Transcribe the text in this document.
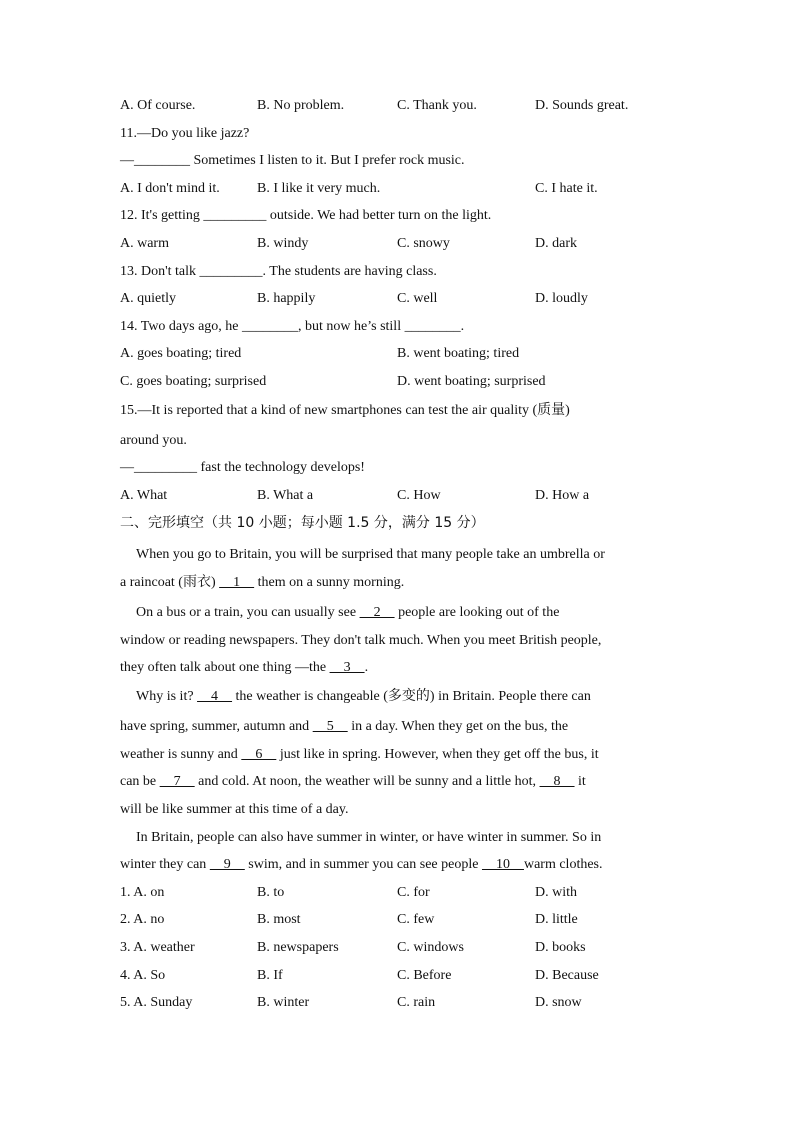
A. Of course.	B. No problem.	C. Thank you.	D. Sounds great.
11.—Do you like jazz?
—________ Sometimes I listen to it. But I prefer rock music.
A. I don't mind it.	B. I like it very much.	C. I hate it.
12. It's getting _________ outside. We had better turn on the light.
A. warm	B. windy	C. snowy	D. dark
13. Don't talk _________. The students are having class.
A. quietly	B. happily	C. well	D. loudly
14. Two days ago, he ________, but now he’s still ________.
A. goes boating; tired	B. went boating; tired
C. goes boating; surprised	D. went boating; surprised
15.—It is reported that a kind of new smartphones can test the air quality (质量)
around you.
—_________ fast the technology develops!
A. What	B. What a	C. How	D. How a
二、完形填空（共 10 小题；每小题 1.5 分，满分 15 分）
When you go to Britain, you will be surprised that many people take an umbrella or
a raincoat (雨衣)     1     them on a sunny morning.
On a bus or a train, you can usually see     2     people are looking out of the
window or reading newspapers. They don't talk much. When you meet British people,
they often talk about one thing —the     3    .
Why is it?     4     the weather is changeable (多变的) in Britain. People there can
have spring, summer, autumn and     5     in a day. When they get on the bus, the
weather is sunny and     6     just like in spring. However, when they get off the bus, it
can be     7     and cold. At noon, the weather will be sunny and a little hot,     8     it
will be like summer at this time of a day.
In Britain, people can also have summer in winter, or have winter in summer. So in
winter they can     9     swim, and in summer you can see people     10    warm clothes.
1. A. on	B. to	C. for	D. with
2. A. no	B. most	C. few	D. little
3. A. weather	B. newspapers	C. windows	D. books
4. A. So	B. If	C. Before	D. Because
5. A. Sunday	B. winter	C. rain	D. snow
